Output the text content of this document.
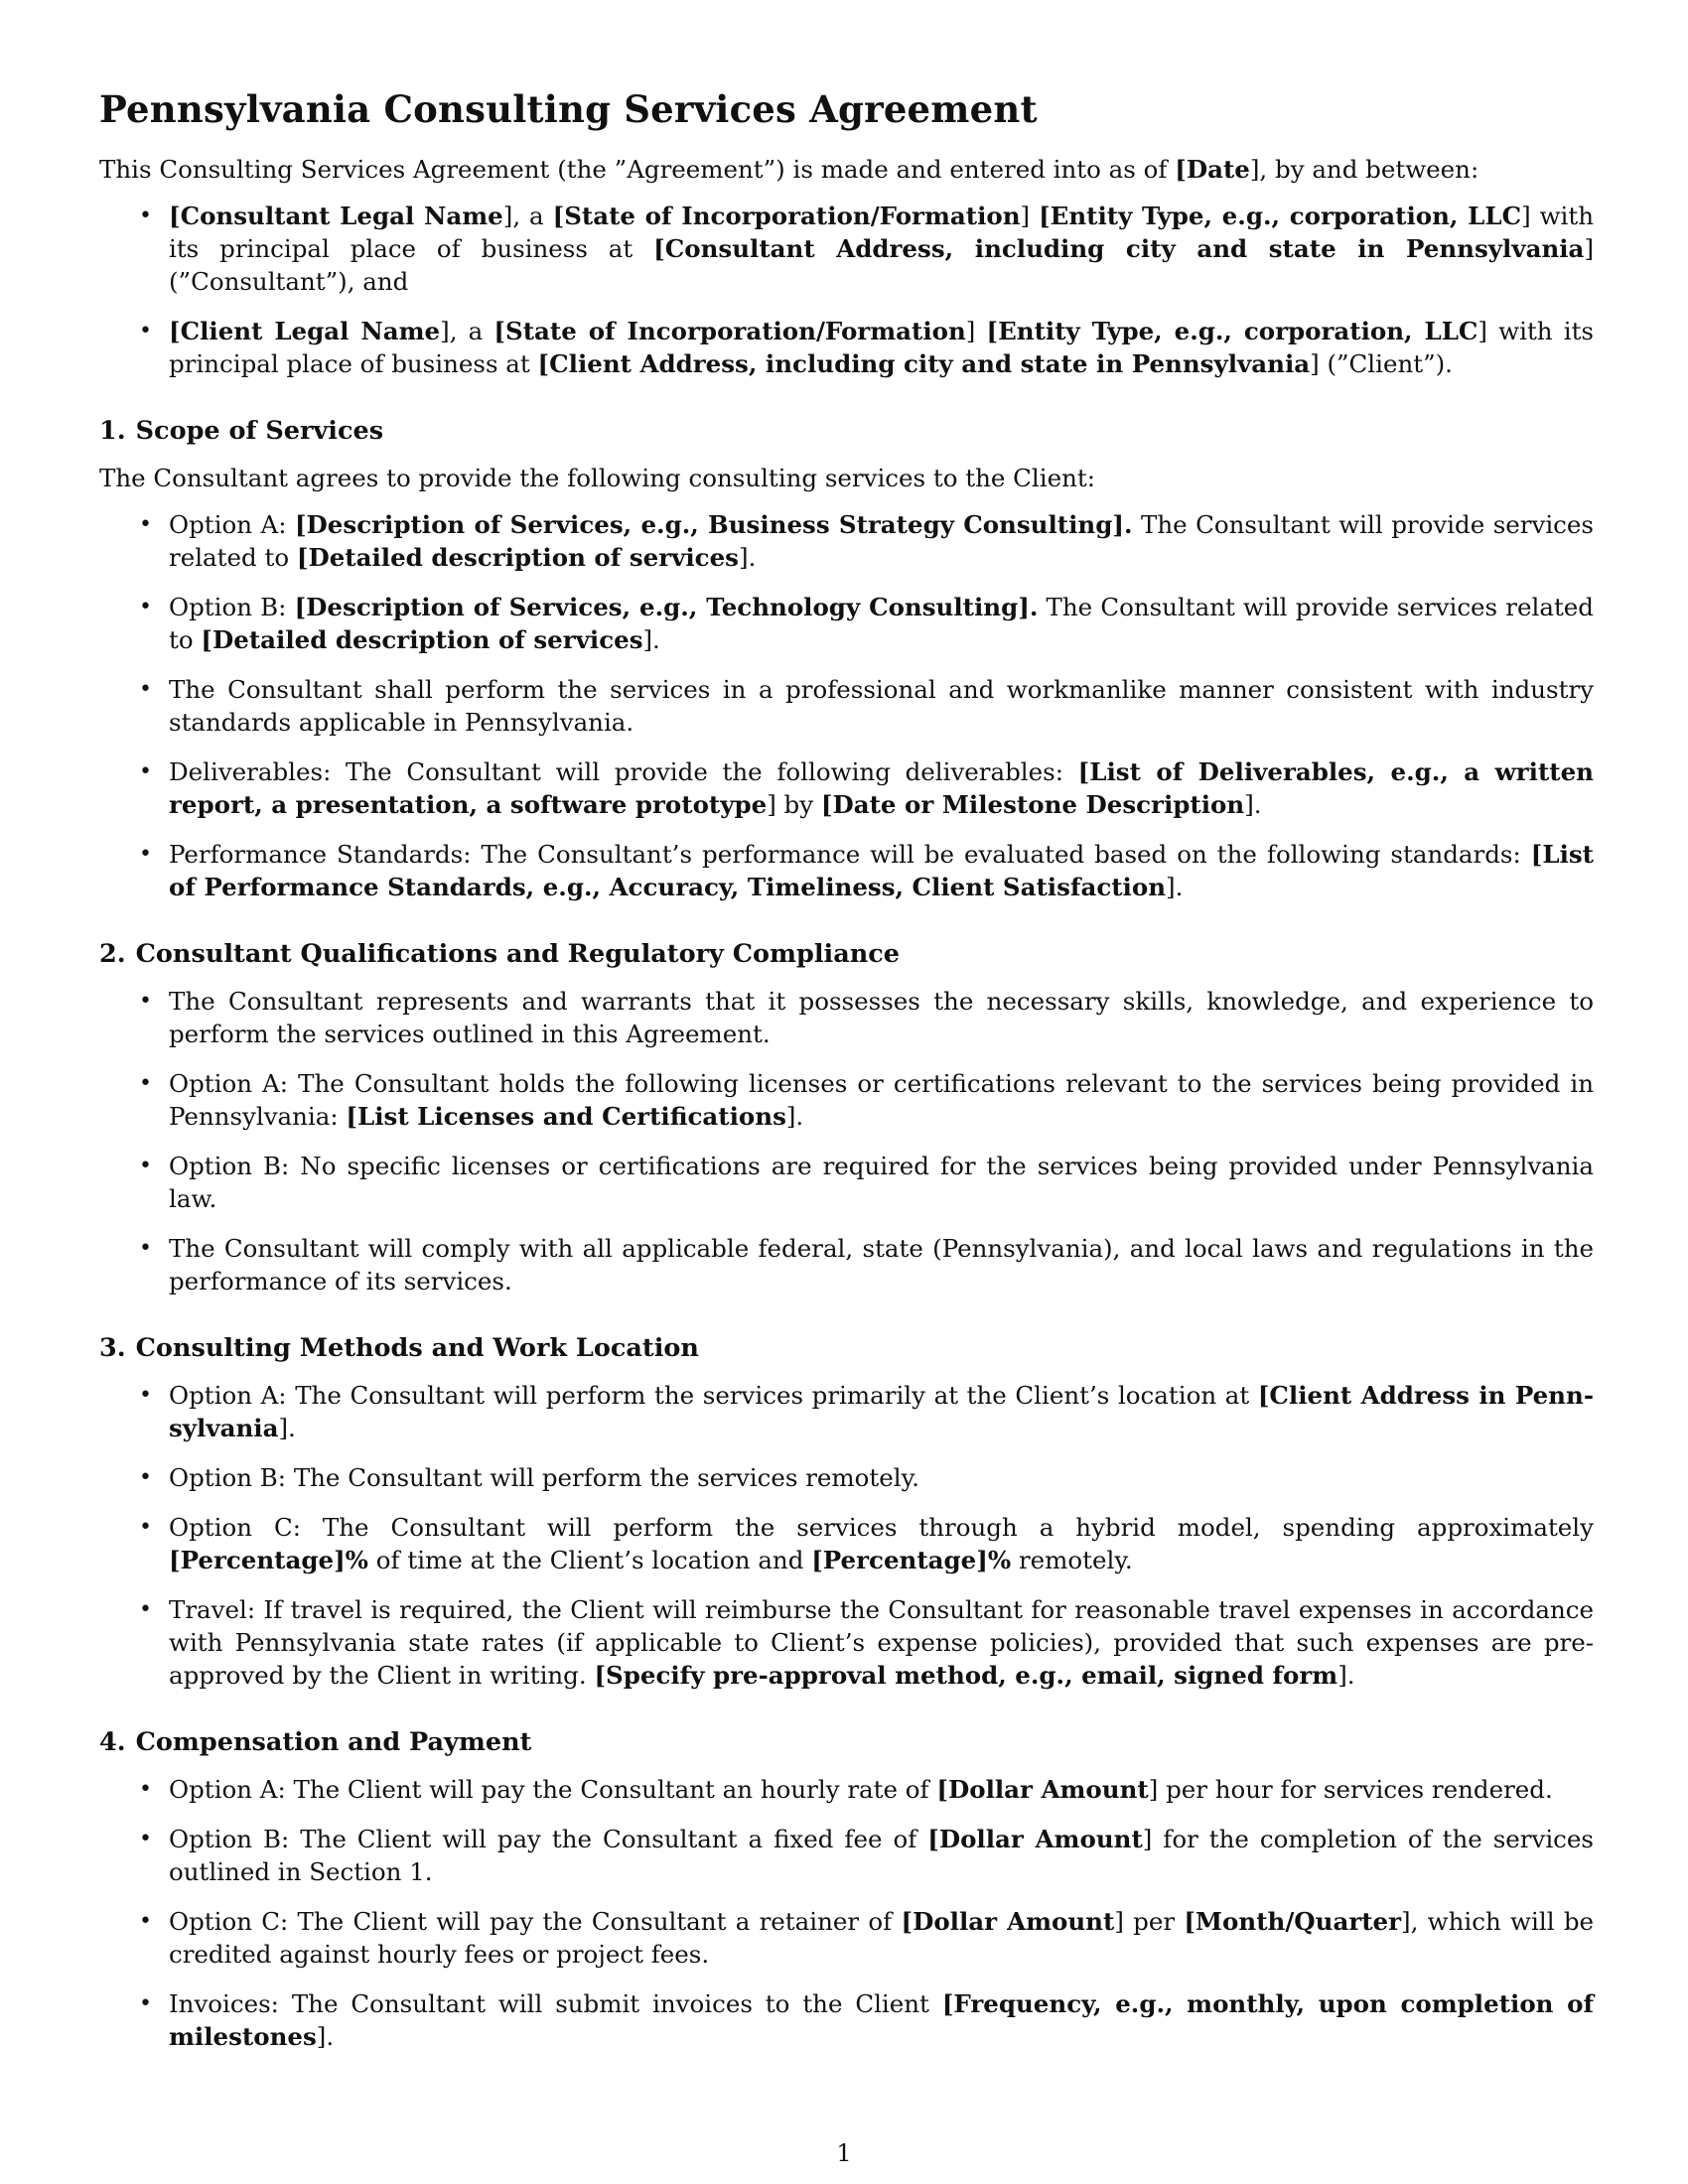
Pennsylvania Consulting Services Agreement

This Consulting Services Agreement (the ”Agreement”) is made and entered into as of [Date], by and between:

• [Consultant Legal Name], a [State of Incorporation/Formation] [Entity Type, e.g., corporation, LLC] with its principal place of business at [Consultant Address, including city and state in Pennsylvania] (”Consultant”), and
• [Client Legal Name], a [State of Incorporation/Formation] [Entity Type, e.g., corporation, LLC] with its principal place of business at [Client Address, including city and state in Pennsylvania] (”Client”).
1. Scope of Services

The Consultant agrees to provide the following consulting services to the Client:

• Option A: [Description of Services, e.g., Business Strategy Consulting]. The Consultant will provide services related to [Detailed description of services].
• Option B: [Description of Services, e.g., Technology Consulting]. The Consultant will provide services related to [Detailed description of services].
• The Consultant shall perform the services in a professional and workmanlike manner consistent with industry standards applicable in Pennsylvania.
• Deliverables: The Consultant will provide the following deliverables: [List of Deliverables, e.g., a written report, a presentation, a software prototype] by [Date or Milestone Description].
• Performance Standards: The Consultant’s performance will be evaluated based on the following standards: [List of Performance Standards, e.g., Accuracy, Timeliness, Client Satisfaction].
2. Consultant Qualifications and Regulatory Compliance
• The Consultant represents and warrants that it possesses the necessary skills, knowledge, and experience to perform the services outlined in this Agreement.
• Option A: The Consultant holds the following licenses or certifications relevant to the services being provided in Pennsylvania: [List Licenses and Certifications].
• Option B: No specific licenses or certifications are required for the services being provided under Pennsylvania law.
• The Consultant will comply with all applicable federal, state (Pennsylvania), and local laws and regulations in the performance of its services.
3. Consulting Methods and Work Location
• Option A: The Consultant will perform the services primarily at the Client’s location at [Client Address in Pennsylvania].
• Option B: The Consultant will perform the services remotely.
• Option C: The Consultant will perform the services through a hybrid model, spending approximately [Percentage]% of time at the Client’s location and [Percentage]% remotely.
• Travel: If travel is required, the Client will reimburse the Consultant for reasonable travel expenses in accordance with Pennsylvania state rates (if applicable to Client’s expense policies), provided that such expenses are pre-approved by the Client in writing. [Specify pre-approval method, e.g., email, signed form].
4. Compensation and Payment
• Option A: The Client will pay the Consultant an hourly rate of [Dollar Amount] per hour for services rendered.
• Option B: The Client will pay the Consultant a fixed fee of [Dollar Amount] for the completion of the services outlined in Section 1.
• Option C: The Client will pay the Consultant a retainer of [Dollar Amount] per [Month/Quarter], which will be credited against hourly fees or project fees.
• Invoices: The Consultant will submit invoices to the Client [Frequency, e.g., monthly, upon completion of milestones].
1
